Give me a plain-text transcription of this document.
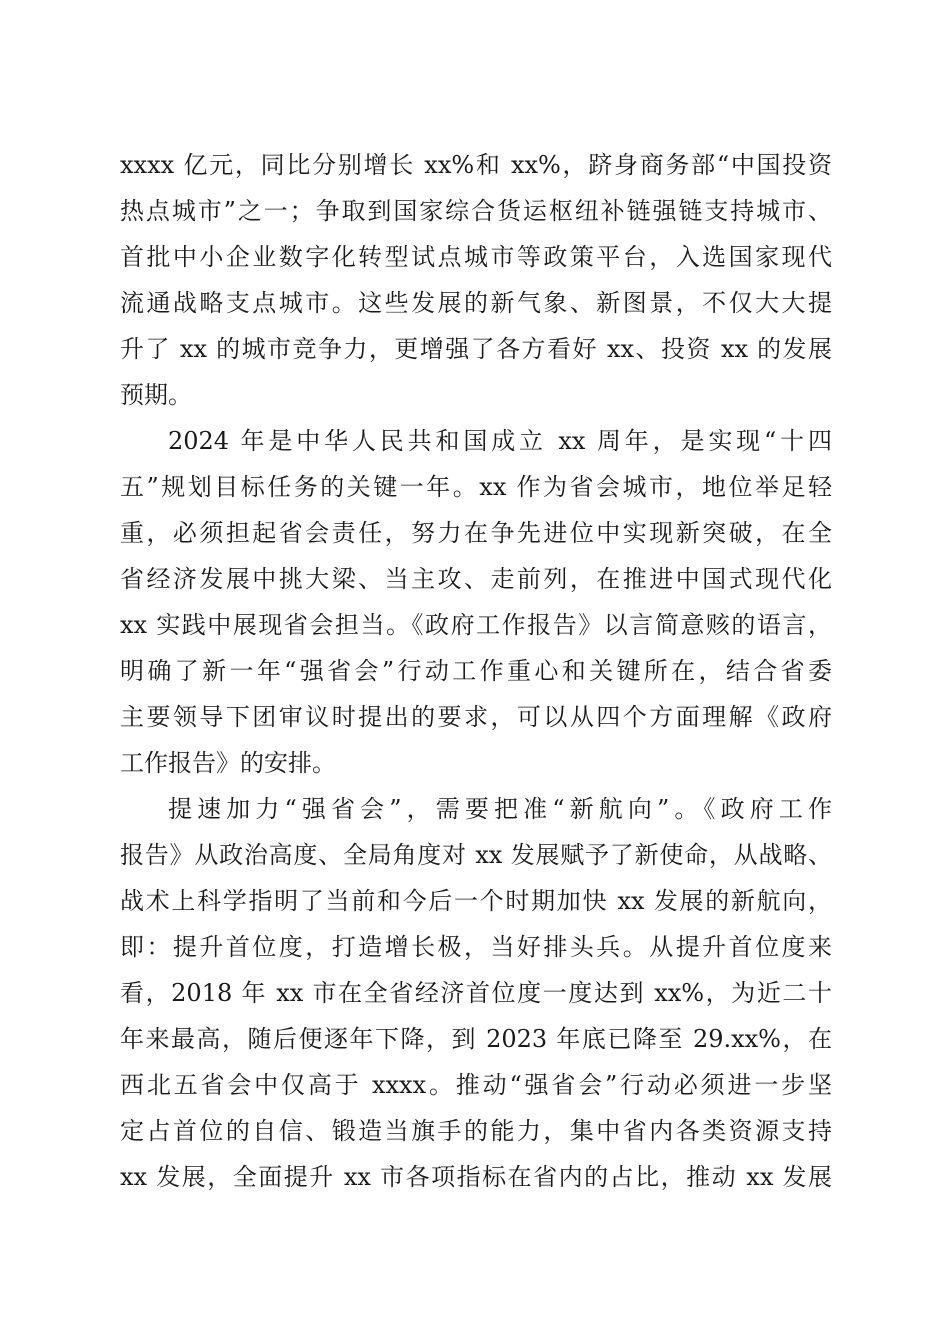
xxxx 亿元，同比分别增长 xx%和 xx%，跻身商务部“中国投资
热点城市”之一；争取到国家综合货运枢纽补链强链支持城市、
首批中小企业数字化转型试点城市等政策平台，入选国家现代
流通战略支点城市。这些发展的新气象、新图景，不仅大大提
升了 xx 的城市竞争力，更增强了各方看好 xx、投资 xx 的发展
预期。
2024 年是中华人民共和国成立 xx 周年，是实现“十四
五”规划目标任务的关键一年。xx 作为省会城市，地位举足轻
重，必须担起省会责任，努力在争先进位中实现新突破，在全
省经济发展中挑大梁、当主攻、走前列，在推进中国式现代化
xx 实践中展现省会担当。《政府工作报告》以言简意赅的语言，
明确了新一年“强省会”行动工作重心和关键所在，结合省委
主要领导下团审议时提出的要求，可以从四个方面理解《政府
工作报告》的安排。
提速加力“强省会”，需要把准“新航向”。《政府工作
报告》从政治高度、全局角度对 xx 发展赋予了新使命，从战略、
战术上科学指明了当前和今后一个时期加快 xx 发展的新航向，
即：提升首位度，打造增长极，当好排头兵。从提升首位度来
看，2018 年 xx 市在全省经济首位度一度达到 xx%，为近二十
年来最高，随后便逐年下降，到 2023 年底已降至 29.xx%，在
西北五省会中仅高于 xxxx。推动“强省会”行动必须进一步坚
定占首位的自信、锻造当旗手的能力，集中省内各类资源支持
xx 发展，全面提升 xx 市各项指标在省内的占比，推动 xx 发展
